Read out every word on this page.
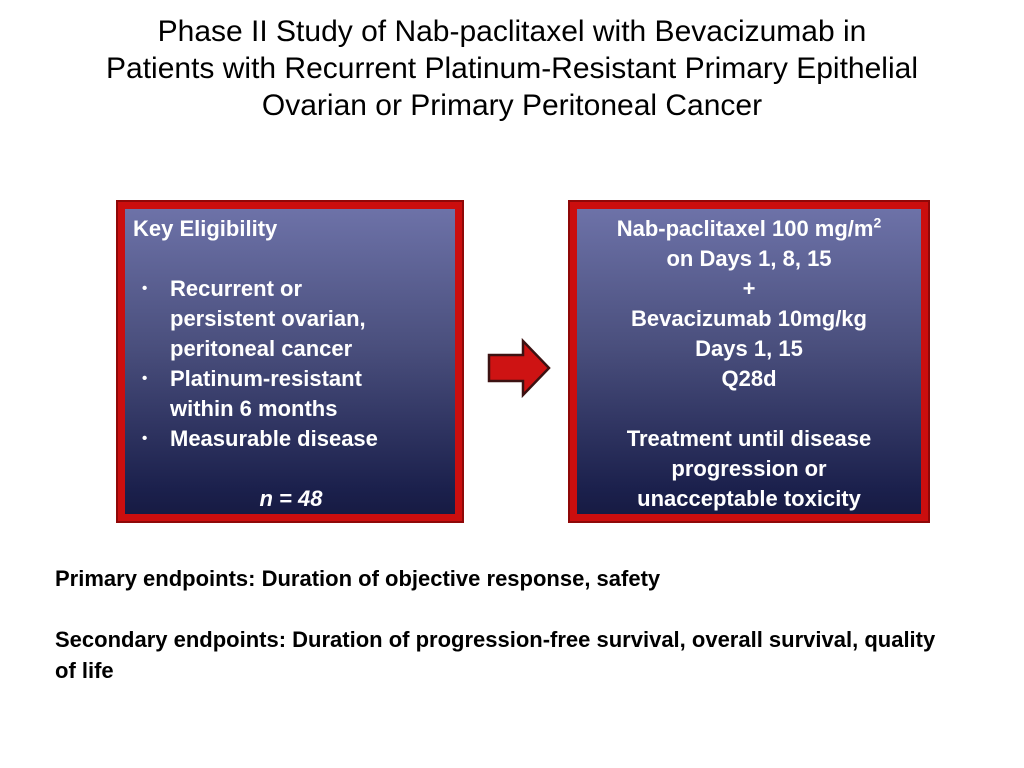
Phase II Study of Nab-paclitaxel with Bevacizumab in
Patients with Recurrent Platinum-Resistant Primary Epithelial
Ovarian or Primary Peritoneal Cancer
Key Eligibility
•	Recurrent or persistent ovarian, peritoneal cancer
•	Platinum-resistant within 6 months
•	Measurable disease
n = 48
Nab-paclitaxel 100 $mg/m^2$
on Days 1, 8, 15
+
Bevacizumab 10mg/kg
Days 1, 15
Q28d
Treatment until disease progression or unacceptable toxicity
Primary endpoints: Duration of objective response, safety
Secondary endpoints: Duration of progression-free survival, overall survival, quality of life
